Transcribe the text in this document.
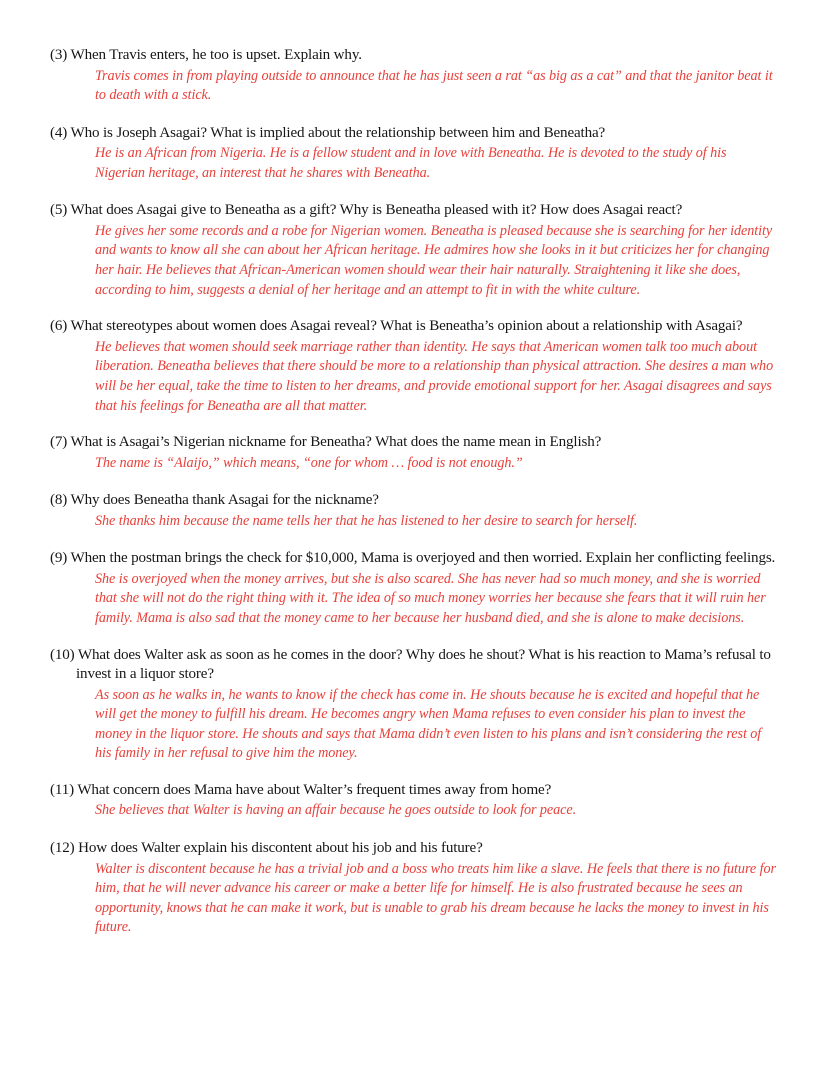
(3) When Travis enters, he too is upset. Explain why.

Travis comes in from playing outside to announce that he has just seen a rat “as big as a cat” and that the janitor beat it to death with a stick.

(4) Who is Joseph Asagai? What is implied about the relationship between him and Beneatha?

He is an African from Nigeria. He is a fellow student and in love with Beneatha. He is devoted to the study of his Nigerian heritage, an interest that he shares with Beneatha.

(5) What does Asagai give to Beneatha as a gift? Why is Beneatha pleased with it? How does Asagai react?

He gives her some records and a robe for Nigerian women. Beneatha is pleased because she is searching for her identity and wants to know all she can about her African heritage. He admires how she looks in it but criticizes her for changing her hair. He believes that African-American women should wear their hair naturally. Straightening it like she does, according to him, suggests a denial of her heritage and an attempt to fit in with the white culture.

(6) What stereotypes about women does Asagai reveal? What is Beneatha’s opinion about a relationship with Asagai?

He believes that women should seek marriage rather than identity. He says that American women talk too much about liberation. Beneatha believes that there should be more to a relationship than physical attraction. She desires a man who will be her equal, take the time to listen to her dreams, and provide emotional support for her. Asagai disagrees and says that his feelings for Beneatha are all that matter.

(7) What is Asagai’s Nigerian nickname for Beneatha? What does the name mean in English?

The name is “Alaijo,” which means, “one for whom … food is not enough.”

(8) Why does Beneatha thank Asagai for the nickname?

She thanks him because the name tells her that he has listened to her desire to search for herself.

(9) When the postman brings the check for $10,000, Mama is overjoyed and then worried. Explain her conflicting feelings.

She is overjoyed when the money arrives, but she is also scared. She has never had so much money, and she is worried that she will not do the right thing with it. The idea of so much money worries her because she fears that it will ruin her family. Mama is also sad that the money came to her because her husband died, and she is alone to make decisions.

(10) What does Walter ask as soon as he comes in the door? Why does he shout? What is his reaction to Mama’s refusal to invest in a liquor store?

As soon as he walks in, he wants to know if the check has come in. He shouts because he is excited and hopeful that he will get the money to fulfill his dream. He becomes angry when Mama refuses to even consider his plan to invest the money in the liquor store. He shouts and says that Mama didn’t even listen to his plans and isn’t considering the rest of his family in her refusal to give him the money.

(11) What concern does Mama have about Walter’s frequent times away from home?

She believes that Walter is having an affair because he goes outside to look for peace.

(12) How does Walter explain his discontent about his job and his future?

Walter is discontent because he has a trivial job and a boss who treats him like a slave. He feels that there is no future for him, that he will never advance his career or make a better life for himself. He is also frustrated because he sees an opportunity, knows that he can make it work, but is unable to grab his dream because he lacks the money to invest in his future.
